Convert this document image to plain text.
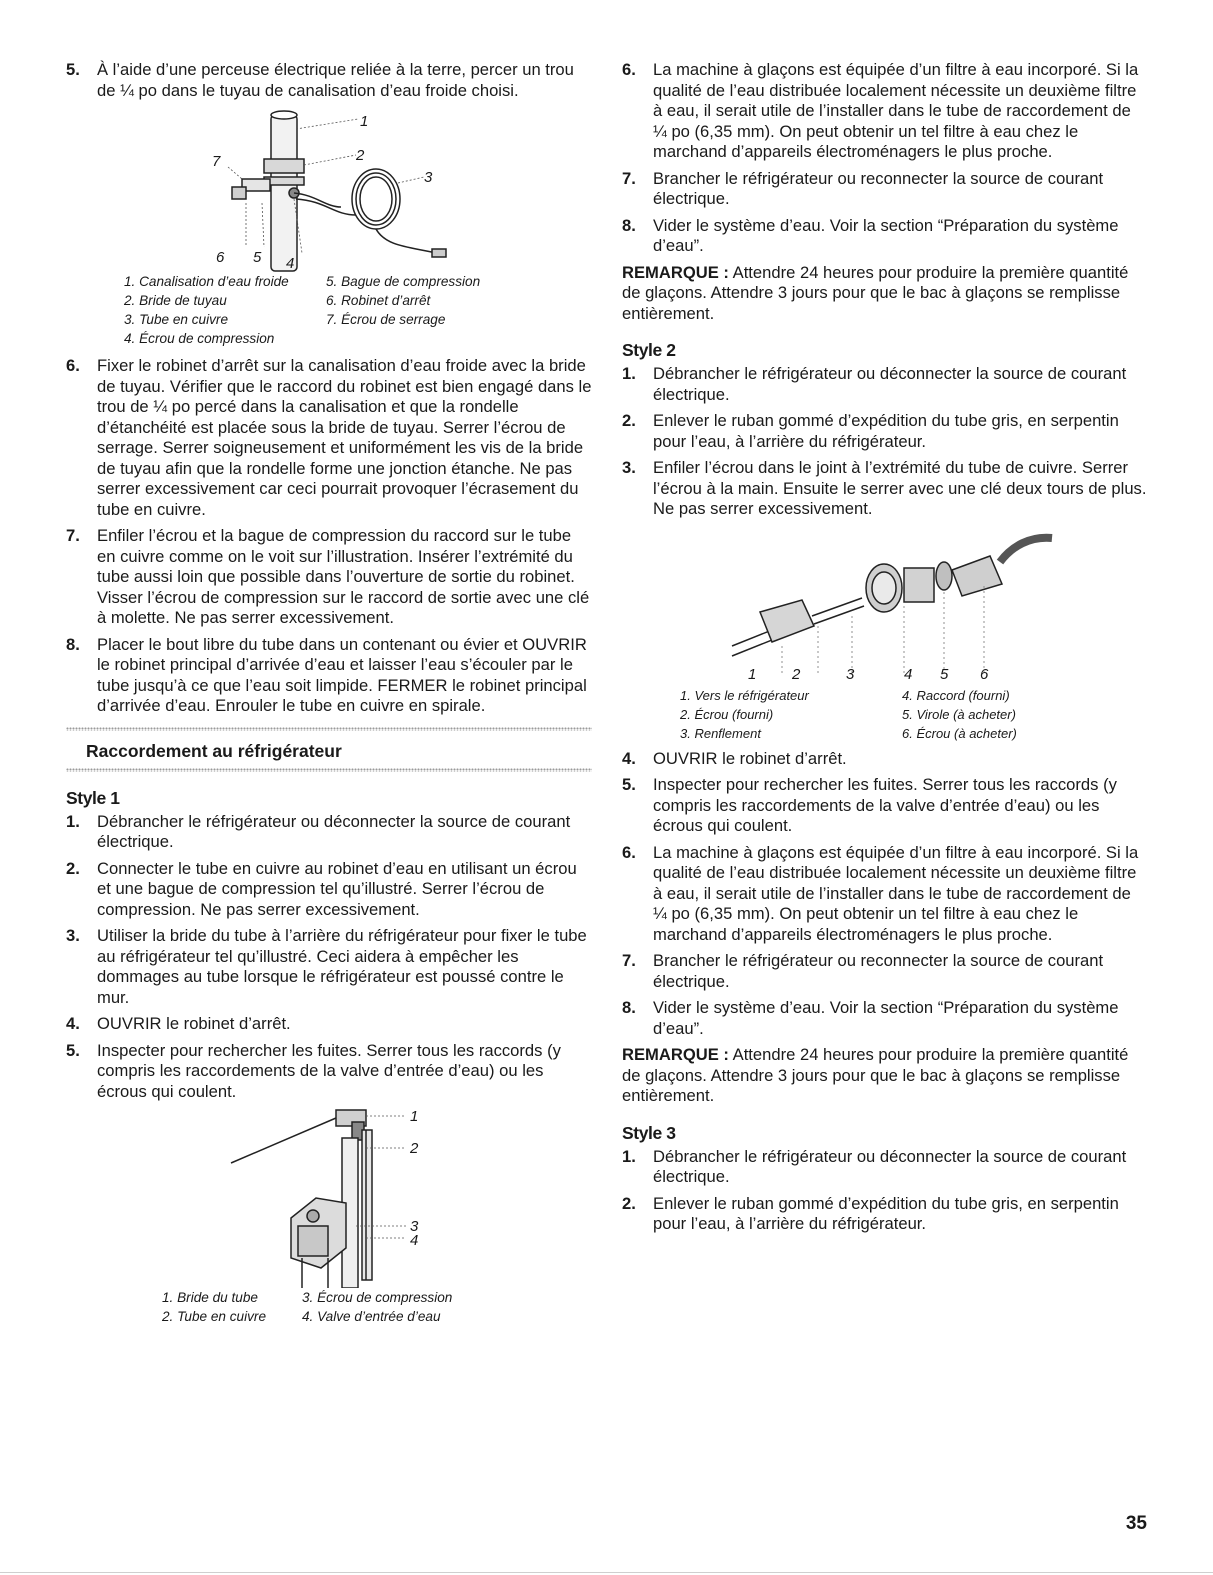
5.	À l’aide d’une perceuse électrique reliée à la terre, percer un trou de ¼ po dans le tuyau de canalisation d’eau froide choisi.
1
2
3
4
5
6
7
1. Canalisation d’eau froide	5. Bague de compression
2. Bride de tuyau	6. Robinet d’arrêt
3. Tube en cuivre	7. Écrou de serrage
4. Écrou de compression
6.	Fixer le robinet d’arrêt sur la canalisation d’eau froide avec la bride de tuyau. Vérifier que le raccord du robinet est bien engagé dans le trou de ¼ po percé dans la canalisation et que la rondelle d’étanchéité est placée sous la bride de tuyau. Serrer l’écrou de serrage. Serrer soigneusement et uniformément les vis de la bride de tuyau afin que la rondelle forme une jonction étanche. Ne pas serrer excessivement car ceci pourrait provoquer l’écrasement du tube en cuivre.
7.	Enfiler l’écrou et la bague de compression du raccord sur le tube en cuivre comme on le voit sur l’illustration. Insérer l’extrémité du tube aussi loin que possible dans l’ouverture de sortie du robinet. Visser l’écrou de compression sur le raccord de sortie avec une clé à molette. Ne pas serrer excessivement.
8.	Placer le bout libre du tube dans un contenant ou évier et OUVRIR le robinet principal d’arrivée d’eau et laisser l’eau s’écouler par le tube jusqu’à ce que l’eau soit limpide. FERMER le robinet principal d’arrivée d’eau. Enrouler le tube en cuivre en spirale.
Raccordement au réfrigérateur
Style 1
1.	Débrancher le réfrigérateur ou déconnecter la source de courant électrique.
2.	Connecter le tube en cuivre au robinet d’eau en utilisant un écrou et une bague de compression tel qu’illustré. Serrer l’écrou de compression. Ne pas serrer excessivement.
3.	Utiliser la bride du tube à l’arrière du réfrigérateur pour fixer le tube au réfrigérateur tel qu’illustré. Ceci aidera à empêcher les dommages au tube lorsque le réfrigérateur est poussé contre le mur.
4.	OUVRIR le robinet d’arrêt.
5.	Inspecter pour rechercher les fuites. Serrer tous les raccords (y compris les raccordements de la valve d’entrée d’eau) ou les écrous qui coulent.
1
2
3
4
1. Bride du tube	3. Écrou de compression
2. Tube en cuivre	4. Valve d’entrée d’eau
6.	La machine à glaçons est équipée d’un filtre à eau incorporé. Si la qualité de l’eau distribuée localement nécessite un deuxième filtre à eau, il serait utile de l’installer dans le tube de raccordement de ¼ po (6,35 mm). On peut obtenir un tel filtre à eau chez le marchand d’appareils électroménagers le plus proche.
7.	Brancher le réfrigérateur ou reconnecter la source de courant électrique.
8.	Vider le système d’eau. Voir la section “Préparation du système d’eau”.

REMARQUE : Attendre 24 heures pour produire la première quantité de glaçons. Attendre 3 jours pour que le bac à glaçons se remplisse entièrement.

Style 2
1.	Débrancher le réfrigérateur ou déconnecter la source de courant électrique.
2.	Enlever le ruban gommé d’expédition du tube gris, en serpentin pour l’eau, à l’arrière du réfrigérateur.
3.	Enfiler l’écrou dans le joint à l’extrémité du tube de cuivre. Serrer l’écrou à la main. Ensuite le serrer avec une clé deux tours de plus. Ne pas serrer excessivement.
1 2	3	4 5 6
1. Vers le réfrigérateur	4. Raccord (fourni)
2. Écrou (fourni)	5. Virole (à acheter)
3. Renflement	6. Écrou (à acheter)
4.	OUVRIR le robinet d’arrêt.
5.	Inspecter pour rechercher les fuites. Serrer tous les raccords (y compris les raccordements de la valve d’entrée d’eau) ou les écrous qui coulent.
6.	La machine à glaçons est équipée d’un filtre à eau incorporé. Si la qualité de l’eau distribuée localement nécessite un deuxième filtre à eau, il serait utile de l’installer dans le tube de raccordement de ¼ po (6,35 mm). On peut obtenir un tel filtre à eau chez le marchand d’appareils électroménagers le plus proche.
7.	Brancher le réfrigérateur ou reconnecter la source de courant électrique.
8.	Vider le système d’eau. Voir la section “Préparation du système d’eau”.

REMARQUE : Attendre 24 heures pour produire la première quantité de glaçons. Attendre 3 jours pour que le bac à glaçons se remplisse entièrement.

Style 3
1.	Débrancher le réfrigérateur ou déconnecter la source de courant électrique.
2.	Enlever le ruban gommé d’expédition du tube gris, en serpentin pour l’eau, à l’arrière du réfrigérateur.
35
